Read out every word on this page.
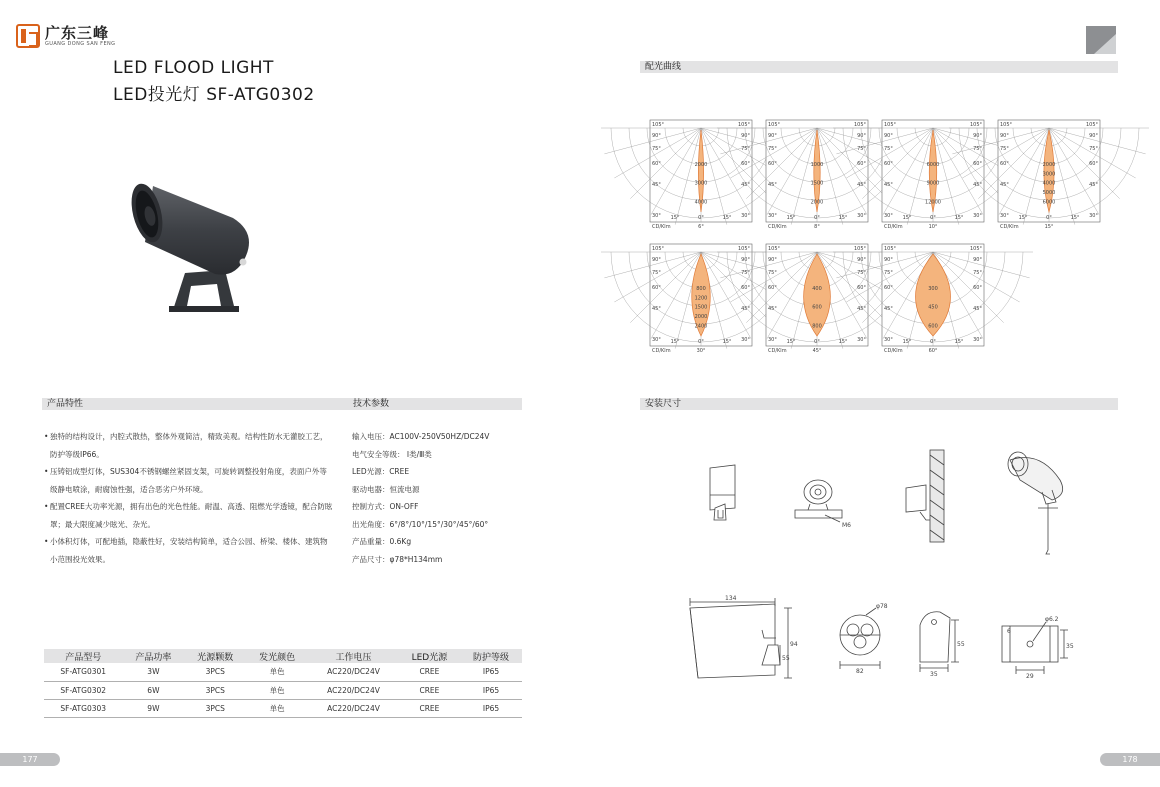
广东三峰
GUANG DONG SAN FENG
LED FLOOD LIGHT
LED投光灯 SF-ATG0302
产品特性	技术参数
配光曲线
安装尺寸
• 独特的结构设计，内腔式散热，整体外观简洁，精致美观。结构性防水无灌胶工艺，防护等级IP66。
• 压铸铝成型灯体，SUS304不锈钢螺丝紧固支架，可旋转调整投射角度，表面户外等级静电喷涂，耐腐蚀性强，适合恶劣户外环境。
• 配置CREE大功率光源，拥有出色的光色性能。耐温、高透、阻燃光学透镜，配合防眩罩；最大限度减少眩光、杂光。
• 小体积灯体，可配地插，隐蔽性好，安装结构简单，适合公园、桥梁、楼体、建筑物小范围投光效果。
输入电压：AC100V-250V50HZ/DC24V
电气安全等级： Ⅰ类/Ⅲ类
LED光源：CREE
驱动电器：恒流电源
控制方式：ON-OFF
出光角度：6°/8°/10°/15°/30°/45°/60°
产品重量：0.6Kg
产品尺寸：φ78*H134mm
产品型号	产品功率	光源颗数	发光颜色	工作电压	LED光源	防护等级
SF-ATG0301	3W	3PCS	单色	AC220/DC24V	CREE	IP65
SF-ATG0302	6W	3PCS	单色	AC220/DC24V	CREE	IP65
SF-ATG0303	9W	3PCS	单色	AC220/DC24V	CREE	IP65
2000
3000
4000
105°	105°
90°	90°
75°	75°
60°	60°
45°	45°
30°	30°
15°	15°
0°
CD/Klm	6°
1000
1500
2000
105°	105°
90°	90°
75°	75°
60°	60°
45°	45°
30°	30°
15°	15°
0°
CD/Klm	8°
6000
9000
12000
105°	105°
90°	90°
75°	75°
60°	60°
45°	45°
30°	30°
15°	15°
0°
CD/Klm	10°
2000
3000
4000
5000
6000
105°	105°
90°	90°
75°	75°
60°	60°
45°	45°
30°	30°
15°	15°
0°
CD/Klm	15°
800
1200
1500
2000
2400
105°	105°
90°	90°
75°	75°
60°	60°
45°	45°
30°	30°
15°	15°
0°
CD/Klm	30°
400
600
800
105°	105°
90°	90°
75°	75°
60°	60°
45°	45°
30°	30°
15°	15°
0°
CD/Klm	45°
300
450
600
105°	105°
90°	90°
75°	75°
60°	60°
45°	45°
30°	30°
15°	15°
0°
CD/Klm	60°
134
94
55
φ78
82	35
55
φ6.2
29
35
6
M6
177	178
